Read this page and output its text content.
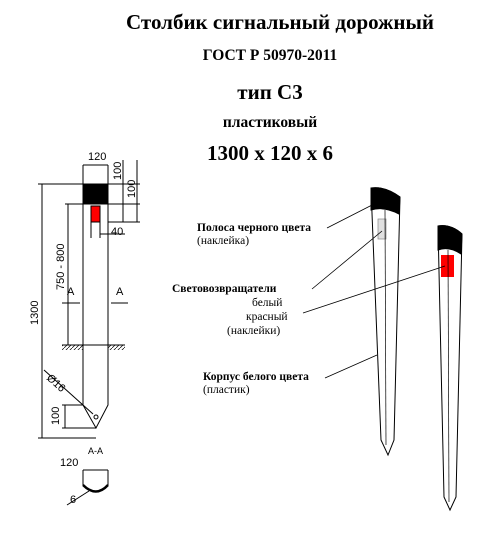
Столбик сигнальный дорожный
ГОСТ Р 50970-2011
тип С3
пластиковый
1300 x 120 x 6
120
100
100
40
1300
750 - 800
А	А
100
Ø16
А-А
120
6
Полоса черного цвета
(наклейка)
Световозвращатели
белый
красный
(наклейки)
Корпус белого цвета
(пластик)
